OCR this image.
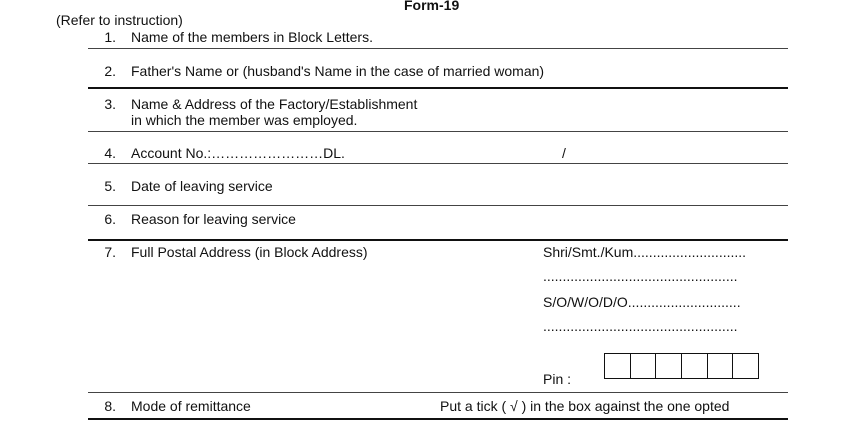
Form-19
(Refer to instruction)
1. Name of the members in Block Letters.
2. Father's Name or (husband's Name in the case of married woman)
3. Name & Address of the Factory/Establishment
in which the member was employed.
4. Account No.:……………………DL.	/
5. Date of leaving service
6. Reason for leaving service
7. Full Postal Address (in Block Address)	Shri/Smt./Kum.............................
..................................................
S/O/W/O/D/O.............................
..................................................
Pin :
8. Mode of remittance	Put a tick ( √ ) in the box against the one opted
